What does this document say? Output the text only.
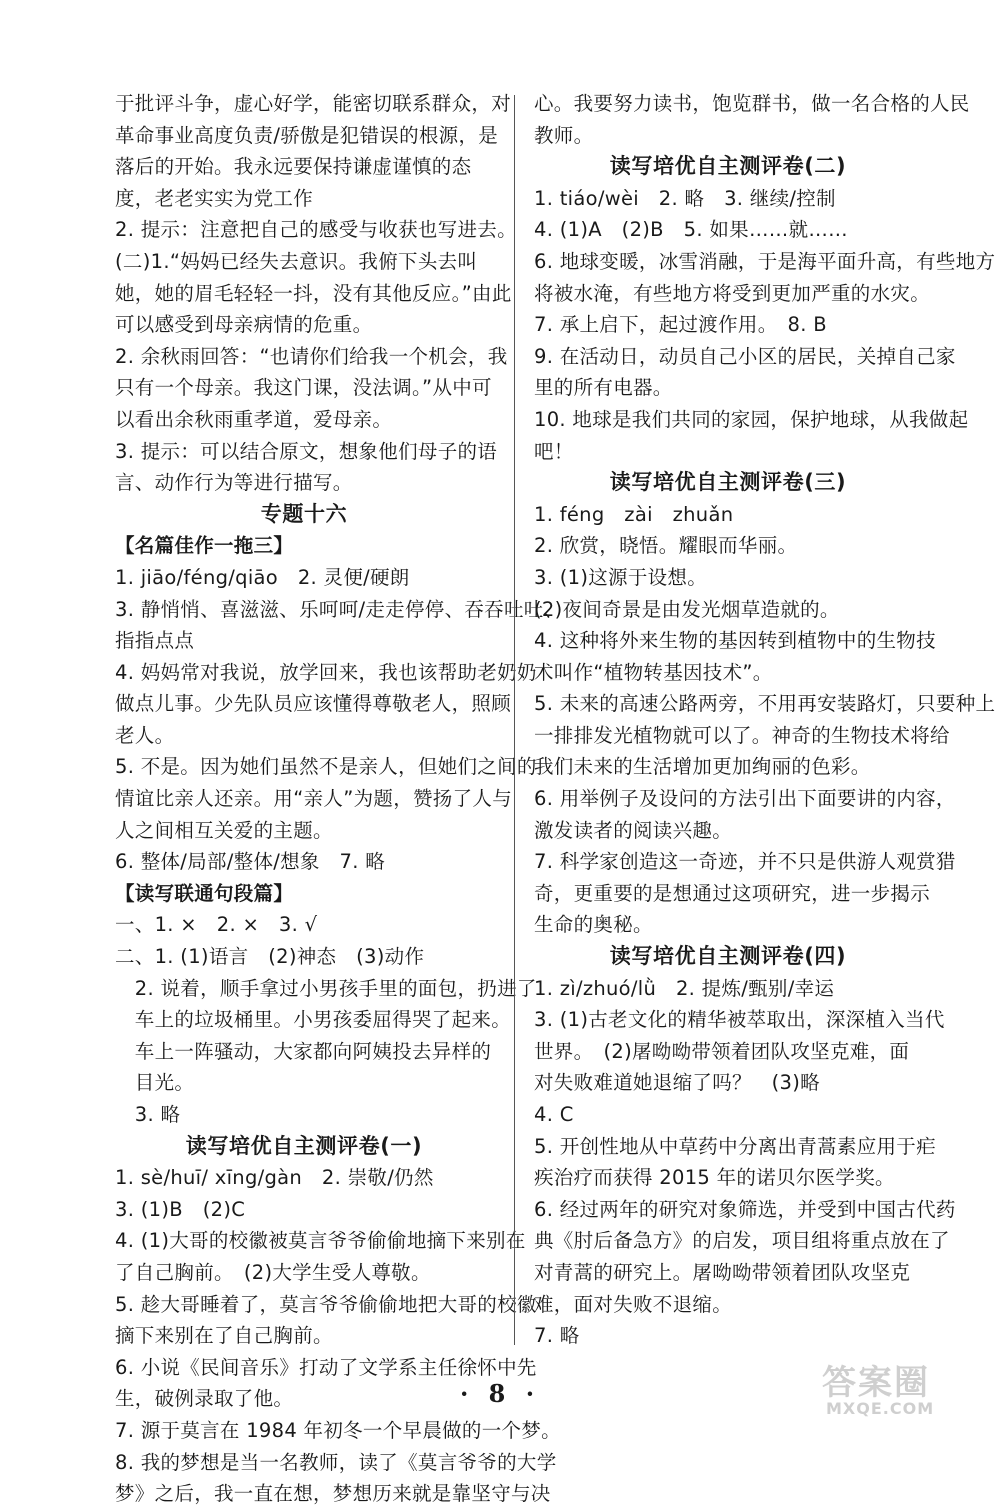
于批评斗争，虚心好学，能密切联系群众，对
革命事业高度负责/骄傲是犯错误的根源，是
落后的开始。我永远要保持谦虚谨慎的态
度，老老实实为党工作
2. 提示：注意把自己的感受与收获也写进去。
(二)1.“妈妈已经失去意识。我俯下头去叫
她，她的眉毛轻轻一抖，没有其他反应。”由此
可以感受到母亲病情的危重。
2. 余秋雨回答：“也请你们给我一个机会，我
只有一个母亲。我这门课，没法调。”从中可
以看出余秋雨重孝道，爱母亲。
3. 提示：可以结合原文，想象他们母子的语
言、动作行为等进行描写。
专题十六
【名篇佳作一拖三】
1. jiāo/féng/qiāo　2. 灵便/硬朗
3. 静悄悄、喜滋滋、乐呵呵/走走停停、吞吞吐吐、
指指点点
4. 妈妈常对我说，放学回来，我也该帮助老奶奶
做点儿事。少先队员应该懂得尊敬老人，照顾
老人。
5. 不是。因为她们虽然不是亲人，但她们之间的
情谊比亲人还亲。用“亲人”为题，赞扬了人与
人之间相互关爱的主题。
6. 整体/局部/整体/想象　7. 略
【读写联通句段篇】
一、1. ×　2. ×　3. √
二、1. (1)语言　(2)神态　(3)动作
　2. 说着，顺手拿过小男孩手里的面包，扔进了
　车上的垃圾桶里。小男孩委屈得哭了起来。
　车上一阵骚动，大家都向阿姨投去异样的
　目光。
　3. 略
读写培优自主测评卷(一)
1. sè/huī/ xīng/gàn　2. 崇敬/仍然
3. (1)B　(2)C
4. (1)大哥的校徽被莫言爷爷偷偷地摘下来别在
了自己胸前。　(2)大学生受人尊敬。
5. 趁大哥睡着了，莫言爷爷偷偷地把大哥的校徽
摘下来别在了自己胸前。
6. 小说《民间音乐》打动了文学系主任徐怀中先
生，破例录取了他。
7. 源于莫言在 1984 年初冬一个早晨做的一个梦。
8. 我的梦想是当一名教师，读了《莫言爷爷的大学
梦》之后，我一直在想，梦想历来就是靠坚守与决
心。我要努力读书，饱览群书，做一名合格的人民
教师。
读写培优自主测评卷(二)
1. tiáo/wèi　2. 略　3. 继续/控制
4. (1)A　(2)B　5. 如果……就……
6. 地球变暖，冰雪消融，于是海平面升高，有些地方
将被水淹，有些地方将受到更加严重的水灾。
7. 承上启下，起过渡作用。　8. B
9. 在活动日，动员自己小区的居民，关掉自己家
里的所有电器。
10. 地球是我们共同的家园，保护地球，从我做起
吧！
读写培优自主测评卷(三)
1. féng　zài　zhuǎn
2. 欣赏，晓悟。耀眼而华丽。
3. (1)这源于设想。
(2)夜间奇景是由发光烟草造就的。
4. 这种将外来生物的基因转到植物中的生物技
术叫作“植物转基因技术”。
5. 未来的高速公路两旁，不用再安装路灯，只要种上
一排排发光植物就可以了。神奇的生物技术将给
我们未来的生活增加更加绚丽的色彩。
6. 用举例子及设问的方法引出下面要讲的内容，
激发读者的阅读兴趣。
7. 科学家创造这一奇迹，并不只是供游人观赏猎
奇，更重要的是想通过这项研究，进一步揭示
生命的奥秘。
读写培优自主测评卷(四)
1. zì/zhuó/lǜ　2. 提炼/甄别/幸运
3. (1)古老文化的精华被萃取出，深深植入当代
世界。　(2)屠呦呦带领着团队攻坚克难，面
对失败难道她退缩了吗？　(3)略
4. C
5. 开创性地从中草药中分离出青蒿素应用于疟
疾治疗而获得 2015 年的诺贝尔医学奖。
6. 经过两年的研究对象筛选，并受到中国古代药
典《肘后备急方》的启发，项目组将重点放在了
对青蒿的研究上。屠呦呦带领着团队攻坚克
难，面对失败不退缩。
7. 略
· 8 ·	答案圈
MXQE.COM
